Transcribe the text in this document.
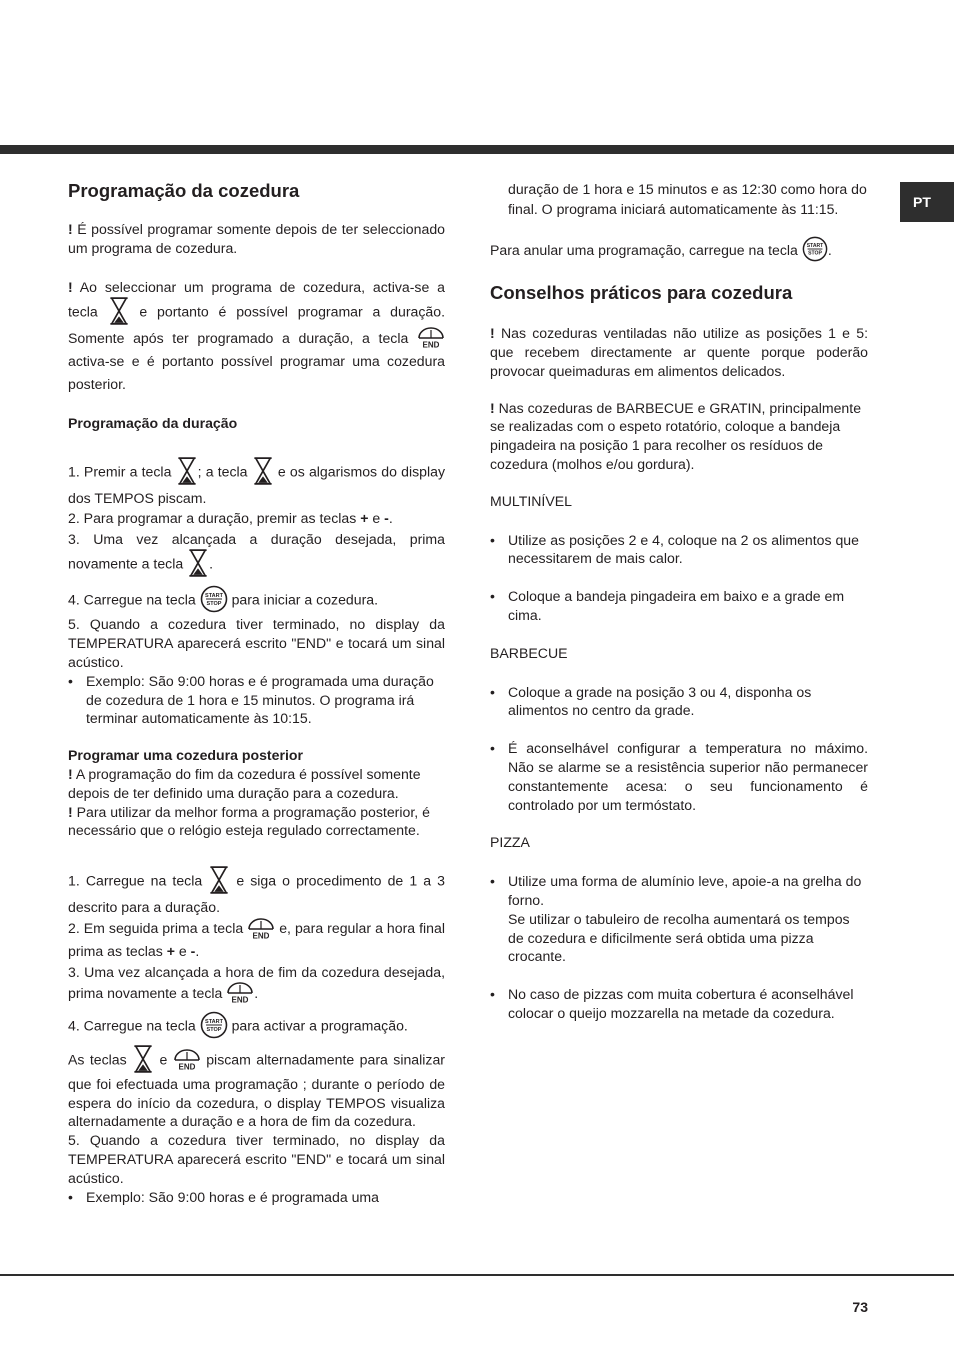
PT
Programação da cozedura

! É possível programar somente depois de ter seleccionado um programa de cozedura.

! Ao seleccionar um programa de cozedura, activa-se a tecla	e portanto é possível programar a duração. Somente após ter programado a duração, a tecla END
activa-se e é portanto possível programar uma cozedura posterior.

Programação da duração

1. Premir a tecla ; a tecla e os algarismos do display dos TEMPOS piscam.

2. Para programar a duração, premir as teclas + e -.

3. Uma vez alcançada a duração desejada, prima novamente a tecla .

4. Carregue na tecla START
STOP para iniciar a cozedura.

5. Quando a cozedura tiver terminado, no display da TEMPERATURA aparecerá escrito "END" e tocará um sinal acústico.

• Exemplo: São 9:00 horas e é programada uma duração de cozedura de 1 hora e 15 minutos. O programa irá terminar automaticamente às 10:15.

Programar uma cozedura posterior

! A programação do fim da cozedura é possível somente depois de ter definido uma duração para a cozedura.

! Para utilizar da melhor forma a programação posterior, é necessário que o relógio esteja regulado correctamente.

1. Carregue na tecla e siga o procedimento de 1 a 3 descrito para a duração.

2. Em seguida prima a tecla END e, para regular a hora final prima as teclas + e -.

3. Uma vez alcançada a hora de fim da cozedura desejada, prima novamente a tecla END .

4. Carregue na tecla START
STOP para activar a programação.

As teclas e END piscam alternadamente para sinalizar que foi efectuada uma programação ; durante o período de espera do início da cozedura, o display TEMPOS visualiza alternadamente a duração e a hora de fim da cozedura.

5. Quando a cozedura tiver terminado, no display da TEMPERATURA aparecerá escrito "END" e tocará um sinal acústico.

• Exemplo: São 9:00 horas e é programada uma

duração de 1 hora e 15 minutos e as 12:30 como hora do final. O programa iniciará automaticamente às 11:15.

Para anular uma programação, carregue na tecla START
STOP .

Conselhos práticos para cozedura

! Nas cozeduras ventiladas não utilize as posições 1 e 5: que recebem directamente ar quente porque poderão provocar queimaduras em alimentos delicados.

! Nas cozeduras de BARBECUE e GRATIN, principalmente se realizadas com o espeto rotatório, coloque a bandeja pingadeira na posição 1 para recolher os resíduos de cozedura (molhos e/ou gordura).

MULTINÍVEL

• Utilize as posições 2 e 4, coloque na 2 os alimentos que necessitarem de mais calor.

• Coloque a bandeja pingadeira em baixo e a grade em cima.

BARBECUE

• Coloque a grade na posição 3 ou 4, disponha os alimentos no centro da grade.

• É aconselhável configurar a temperatura no máximo. Não se alarme se a resistência superior não permanecer constantemente acesa: o seu funcionamento é controlado por um termóstato.

PIZZA

• Utilize uma forma de alumínio leve, apoie-a na grelha do forno.

Se utilizar o tabuleiro de recolha aumentará os tempos de cozedura e dificilmente será obtida uma pizza crocante.

• No caso de pizzas com muita cobertura é aconselhável colocar o queijo mozzarella na metade da cozedura.

73
